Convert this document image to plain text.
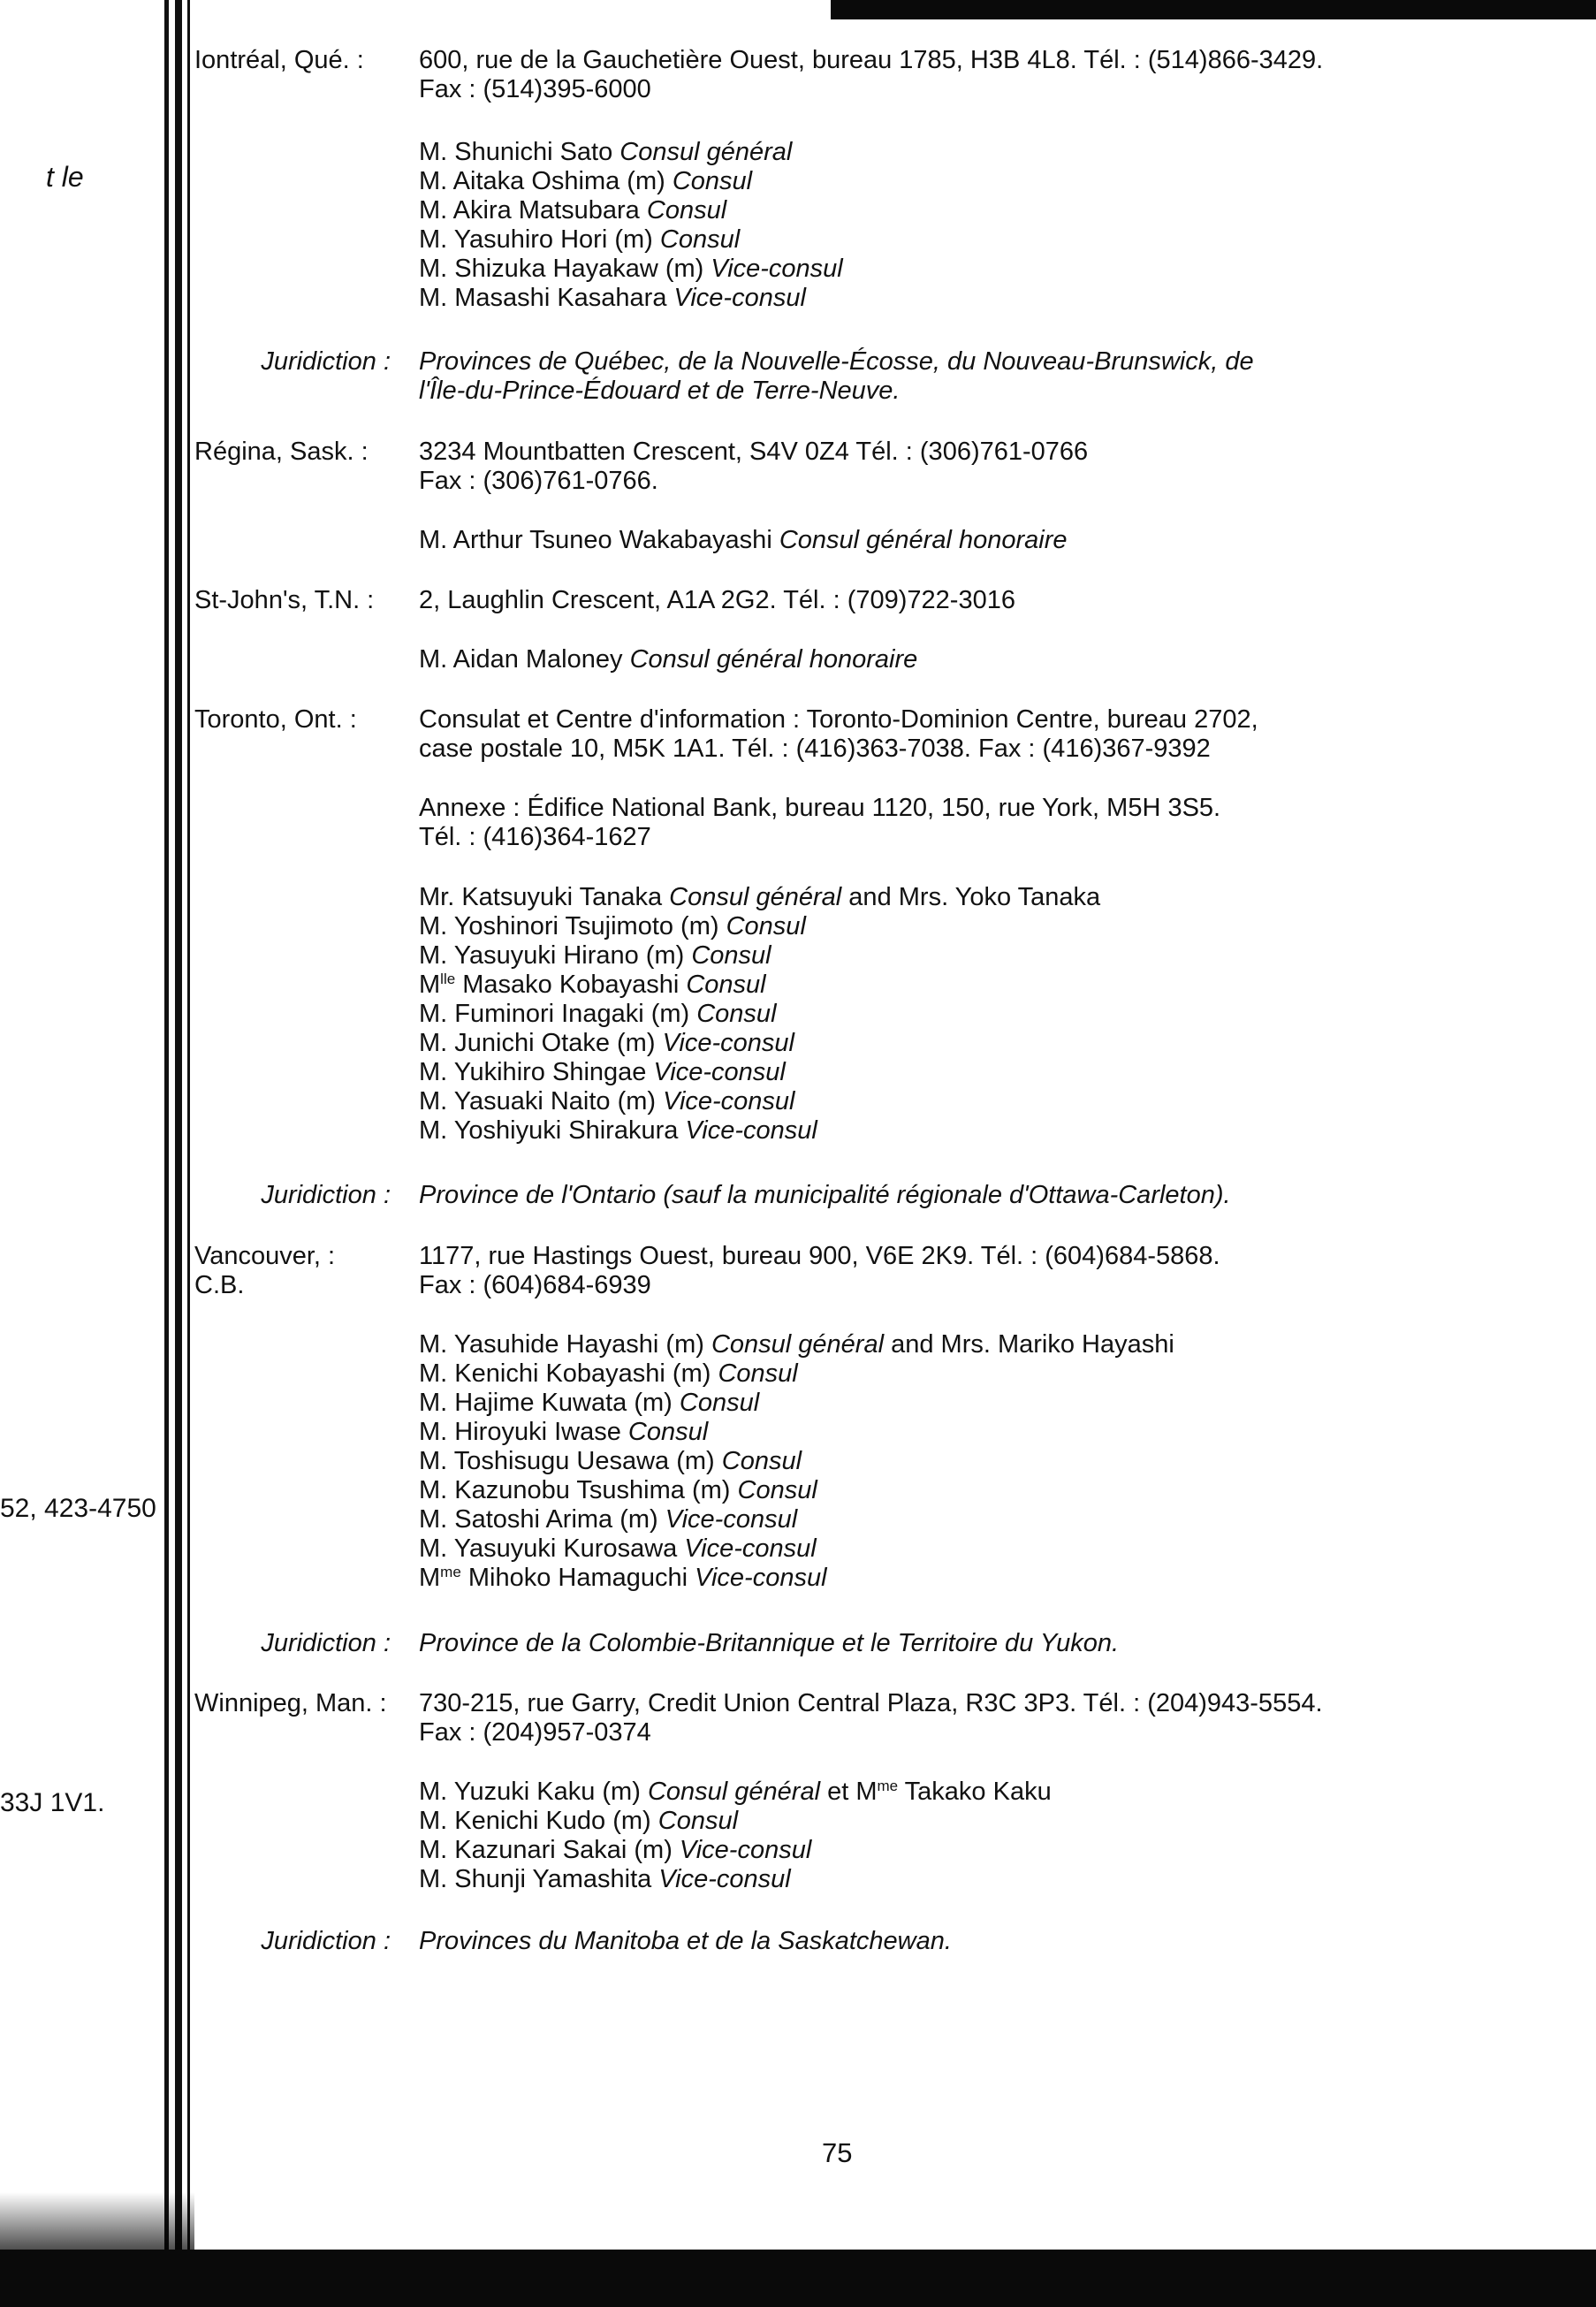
t le
52, 423-4750
33J 1V1.
Iontréal, Qué. : 600, rue de la Gauchetière Ouest, bureau 1785, H3B 4L8. Tél. : (514)866-3429.
Fax : (514)395-6000
M. Shunichi Sato Consul général
M. Aitaka Oshima (m) Consul
M. Akira Matsubara Consul
M. Yasuhiro Hori (m) Consul
M. Shizuka Hayakaw (m) Vice-consul
M. Masashi Kasahara Vice-consul
Juridiction : Provinces de Québec, de la Nouvelle-Écosse, du Nouveau-Brunswick, de
l'Île-du-Prince-Édouard et de Terre-Neuve.
Régina, Sask. : 3234 Mountbatten Crescent, S4V 0Z4 Tél. : (306)761-0766
Fax : (306)761-0766.
M. Arthur Tsuneo Wakabayashi Consul général honoraire
St-John's, T.N. : 2, Laughlin Crescent, A1A 2G2. Tél. : (709)722-3016
M. Aidan Maloney Consul général honoraire
Toronto, Ont. : Consulat et Centre d'information : Toronto-Dominion Centre, bureau 2702,
case postale 10, M5K 1A1. Tél. : (416)363-7038. Fax : (416)367-9392
Annexe : Édifice National Bank, bureau 1120, 150, rue York, M5H 3S5.
Tél. : (416)364-1627
Mr. Katsuyuki Tanaka Consul général and Mrs. Yoko Tanaka
M. Yoshinori Tsujimoto (m) Consul
M. Yasuyuki Hirano (m) Consul
$M^{lle}$ Masako Kobayashi Consul
M. Fuminori Inagaki (m) Consul
M. Junichi Otake (m) Vice-consul
M. Yukihiro Shingae Vice-consul
M. Yasuaki Naito (m) Vice-consul
M. Yoshiyuki Shirakura Vice-consul
Juridiction : Province de l'Ontario (sauf la municipalité régionale d'Ottawa-Carleton).
Vancouver, :
C.B.
1177, rue Hastings Ouest, bureau 900, V6E 2K9. Tél. : (604)684-5868.
Fax : (604)684-6939
M. Yasuhide Hayashi (m) Consul général and Mrs. Mariko Hayashi
M. Kenichi Kobayashi (m) Consul
M. Hajime Kuwata (m) Consul
M. Hiroyuki Iwase Consul
M. Toshisugu Uesawa (m) Consul
M. Kazunobu Tsushima (m) Consul
M. Satoshi Arima (m) Vice-consul
M. Yasuyuki Kurosawa Vice-consul
$M^{me}$ Mihoko Hamaguchi Vice-consul
Juridiction : Province de la Colombie-Britannique et le Territoire du Yukon.
Winnipeg, Man. : 730-215, rue Garry, Credit Union Central Plaza, R3C 3P3. Tél. : (204)943-5554.
Fax : (204)957-0374
M. Yuzuki Kaku (m) Consul général et $M^{me}$ Takako Kaku
M. Kenichi Kudo (m) Consul
M. Kazunari Sakai (m) Vice-consul
M. Shunji Yamashita Vice-consul
Juridiction : Provinces du Manitoba et de la Saskatchewan.
75
